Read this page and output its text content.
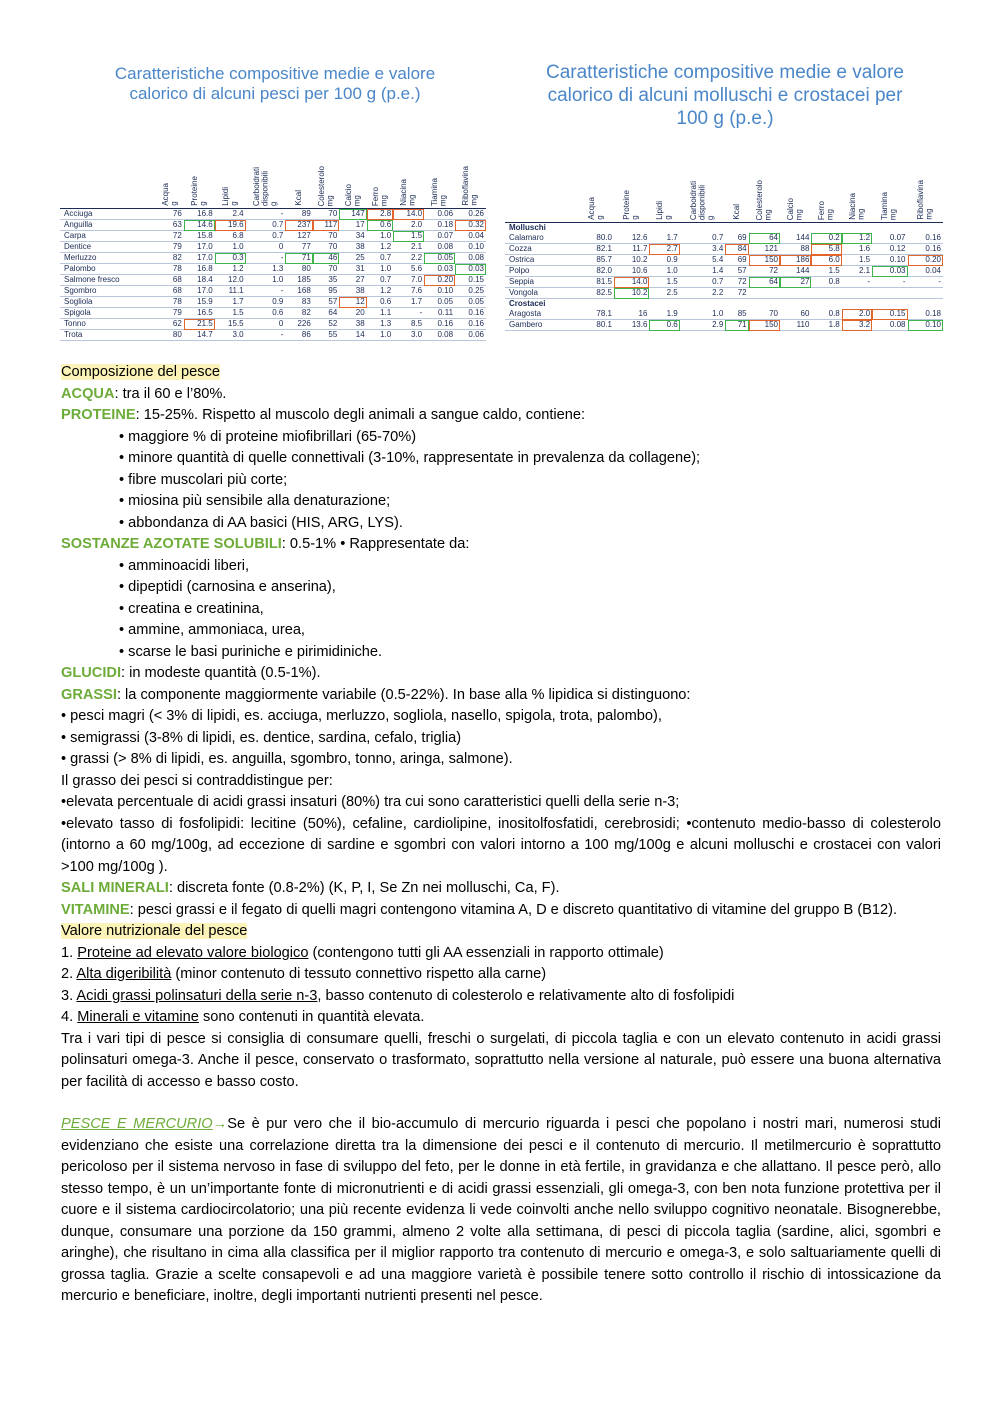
Caratteristiche compositive medie e valore
calorico di alcuni pesci per 100 g (p.e.)
	Acqua
g	Proteine
g	Lipidi
g	Carboidrati
disponibili
g	Kcal	Colesterolo
mg	Calcio
mg	Ferro
mg	Niacina
mg	Tiamina
mg	Riboflavina
mg
Acciuga	76	16.8	2.4	-	89	70	147	2.8	14.0	0.06	0.26
Anguilla	63	14.6	19.6	0.7	237	117	17	0.6	2.0	0.18	0.32
Carpa	72	15.8	6.8	0.7	127	70	34	1.0	1.5	0.07	0.04
Dentice	79	17.0	1.0	0	77	70	38	1.2	2.1	0.08	0.10
Merluzzo	82	17.0	0.3	-	71	46	25	0.7	2.2	0.05	0.08
Palombo	78	16.8	1.2	1.3	80	70	31	1.0	5.6	0.03	0.03
Salmone fresco	68	18.4	12.0	1.0	185	35	27	0.7	7.0	0.20	0.15
Sgombro	68	17.0	11.1	-	168	95	38	1.2	7.6	0.10	0.25
Sogliola	78	15.9	1.7	0.9	83	57	12	0.6	1.7	0.05	0.05
Spigola	79	16.5	1.5	0.6	82	64	20	1.1	-	0.11	0.16
Tonno	62	21.5	15.5	0	226	52	38	1.3	8.5	0.16	0.16
Trota	80	14.7	3.0	-	86	55	14	1.0	3.0	0.08	0.06
Caratteristiche compositive medie e valore
calorico di alcuni molluschi e crostacei per
100 g (p.e.)
	Acqua
g	Proteine
g	Lipidi
g	Carboidrati
disponibili
g	Kcal	Colesterolo
mg	Calcio
mg	Ferro
mg	Niacina
mg	Tiamina
mg	Riboflavina
mg
Molluschi											
Calamaro	80.0	12.6	1.7	0.7	69	64	144	0.2	1.2	0.07	0.16
Cozza	82.1	11.7	2.7	3.4	84	121	88	5.8	1.6	0.12	0.16
Ostrica	85.7	10.2	0.9	5.4	69	150	186	6.0	1.5	0.10	0.20
Polpo	82.0	10.6	1.0	1.4	57	72	144	1.5	2.1	0.03	0.04
Seppia	81.5	14.0	1.5	0.7	72	64	27	0.8	-	-	-
Vongola	82.5	10.2	2.5	2.2	72						
Crostacei											
Aragosta	78.1	16	1.9	1.0	85	70	60	0.8	2.0	0.15	0.18
Gambero	80.1	13.6	0.6	2.9	71	150	110	1.8	3.2	0.08	0.10

Composizione del pesce

ACQUA: tra il 60 e l’80%.

PROTEINE: 15-25%. Rispetto al muscolo degli animali a sangue caldo, contiene:

• maggiore % di proteine miofibrillari (65-70%)

• minore quantità di quelle connettivali (3-10%, rappresentate in prevalenza da collagene);

• fibre muscolari più corte;

• miosina più sensibile alla denaturazione;

• abbondanza di AA basici (HIS, ARG, LYS).

SOSTANZE AZOTATE SOLUBILI: 0.5-1% • Rappresentate da:

• amminoacidi liberi,

• dipeptidi (carnosina e anserina),

• creatina e creatinina,

• ammine, ammoniaca, urea,

• scarse le basi puriniche e pirimidiniche.

GLUCIDI: in modeste quantità (0.5-1%).

GRASSI: la componente maggiormente variabile (0.5-22%). In base alla % lipidica si distinguono:

• pesci magri (< 3% di lipidi, es. acciuga, merluzzo, sogliola, nasello, spigola, trota, palombo),

• semigrassi (3-8% di lipidi, es. dentice, sardina, cefalo, triglia)

• grassi (> 8% di lipidi, es. anguilla, sgombro, tonno, aringa, salmone).

Il grasso dei pesci si contraddistingue per:

•elevata percentuale di acidi grassi insaturi (80%) tra cui sono caratteristici quelli della serie n-3;

•elevato tasso di fosfolipidi: lecitine (50%), cefaline, cardiolipine, inositolfosfatidi, cerebrosidi; •contenuto medio-basso di colesterolo (intorno a 60 mg/100g, ad eccezione di sardine e sgombri con valori intorno a 100 mg/100g e alcuni molluschi e crostacei con valori >100 mg/100g ).

SALI MINERALI: discreta fonte (0.8-2%) (K, P, I, Se Zn nei molluschi, Ca, F).

VITAMINE: pesci grassi e il fegato di quelli magri contengono vitamina A, D e discreto quantitativo di vitamine del gruppo B (B12).

Valore nutrizionale del pesce

1. Proteine ad elevato valore biologico (contengono tutti gli AA essenziali in rapporto ottimale)

2. Alta digeribilità (minor contenuto di tessuto connettivo rispetto alla carne)

3. Acidi grassi polinsaturi della serie n-3, basso contenuto di colesterolo e relativamente alto di fosfolipidi

4. Minerali e vitamine sono contenuti in quantità elevata.

Tra i vari tipi di pesce si consiglia di consumare quelli, freschi o surgelati, di piccola taglia e con un elevato contenuto in acidi grassi polinsaturi omega-3. Anche il pesce, conservato o trasformato, soprattutto nella versione al naturale, può essere una buona alternativa per facilità di accesso e basso costo.

PESCE E MERCURIO→Se è pur vero che il bio-accumulo di mercurio riguarda i pesci che popolano i nostri mari, numerosi studi evidenziano che esiste una correlazione diretta tra la dimensione dei pesci e il contenuto di mercurio. Il metilmercurio è soprattutto pericoloso per il sistema nervoso in fase di sviluppo del feto, per le donne in età fertile, in gravidanza e che allattano. Il pesce però, allo stesso tempo, è un un’importante fonte di micronutrienti e di acidi grassi essenziali, gli omega-3, con ben nota funzione protettiva per il cuore e il sistema cardiocircolatorio; una più recente evidenza li vede coinvolti anche nello sviluppo cognitivo neonatale. Bisognerebbe, dunque, consumare una porzione da 150 grammi, almeno 2 volte alla settimana, di pesci di piccola taglia (sardine, alici, sgombri e aringhe), che risultano in cima alla classifica per il miglior rapporto tra contenuto di mercurio e omega-3, e solo saltuariamente quelli di grossa taglia. Grazie a scelte consapevoli e ad una maggiore varietà è possibile tenere sotto controllo il rischio di intossicazione da mercurio e beneficiare, inoltre, degli importanti nutrienti presenti nel pesce.
